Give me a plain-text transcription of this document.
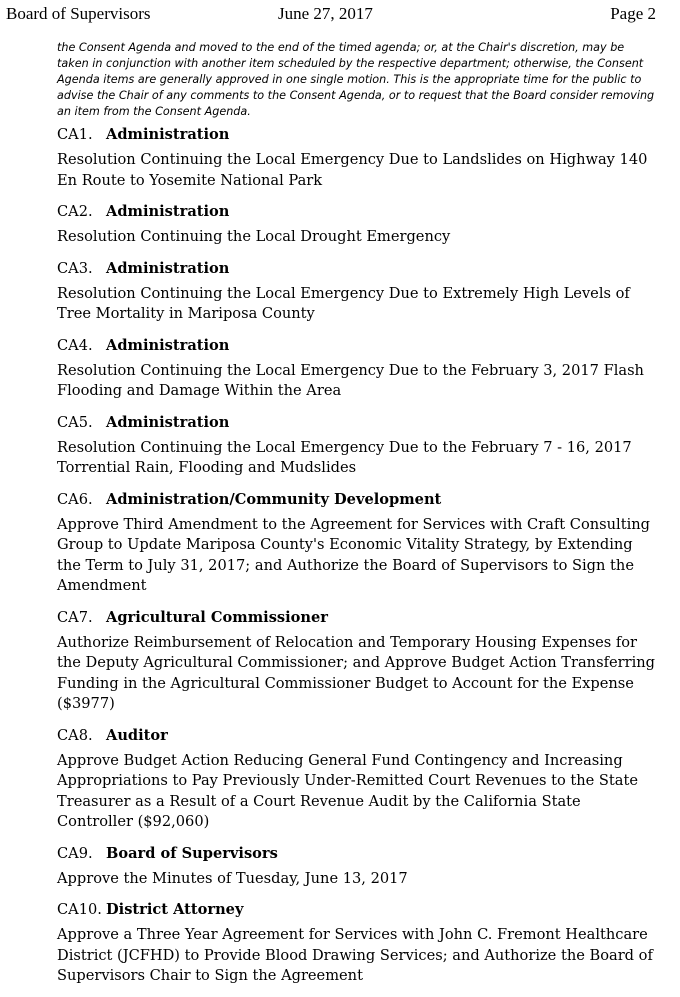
Board of Supervisors	June 27, 2017	Page 2

the Consent Agenda and moved to the end of the timed agenda; or, at the Chair's discretion, may be taken in conjunction with another item scheduled by the respective department; otherwise, the Consent Agenda items are generally approved in one single motion. This is the appropriate time for the public to advise the Chair of any comments to the Consent Agenda, or to request that the Board consider removing an item from the Consent Agenda.

CA1. Administration

Resolution Continuing the Local Emergency Due to Landslides on Highway 140 En Route to Yosemite National Park

CA2. Administration

Resolution Continuing the Local Drought Emergency

CA3. Administration

Resolution Continuing the Local Emergency Due to Extremely High Levels of Tree Mortality in Mariposa County

CA4. Administration

Resolution Continuing the Local Emergency Due to the February 3, 2017 Flash Flooding and Damage Within the Area

CA5. Administration

Resolution Continuing the Local Emergency Due to the February 7 - 16, 2017 Torrential Rain, Flooding and Mudslides

CA6. Administration/Community Development

Approve Third Amendment to the Agreement for Services with Craft Consulting Group to Update Mariposa County's Economic Vitality Strategy, by Extending the Term to July 31, 2017; and Authorize the Board of Supervisors to Sign the Amendment

CA7. Agricultural Commissioner

Authorize Reimbursement of Relocation and Temporary Housing Expenses for the Deputy Agricultural Commissioner; and Approve Budget Action Transferring Funding in the Agricultural Commissioner Budget to Account for the Expense ($3977)

CA8. Auditor

Approve Budget Action Reducing General Fund Contingency and Increasing Appropriations to Pay Previously Under-Remitted Court Revenues to the State Treasurer as a Result of a Court Revenue Audit by the California State Controller ($92,060)

CA9. Board of Supervisors

Approve the Minutes of Tuesday, June 13, 2017

CA10. District Attorney

Approve a Three Year Agreement for Services with John C. Fremont Healthcare District (JCFHD) to Provide Blood Drawing Services; and Authorize the Board of Supervisors Chair to Sign the Agreement
